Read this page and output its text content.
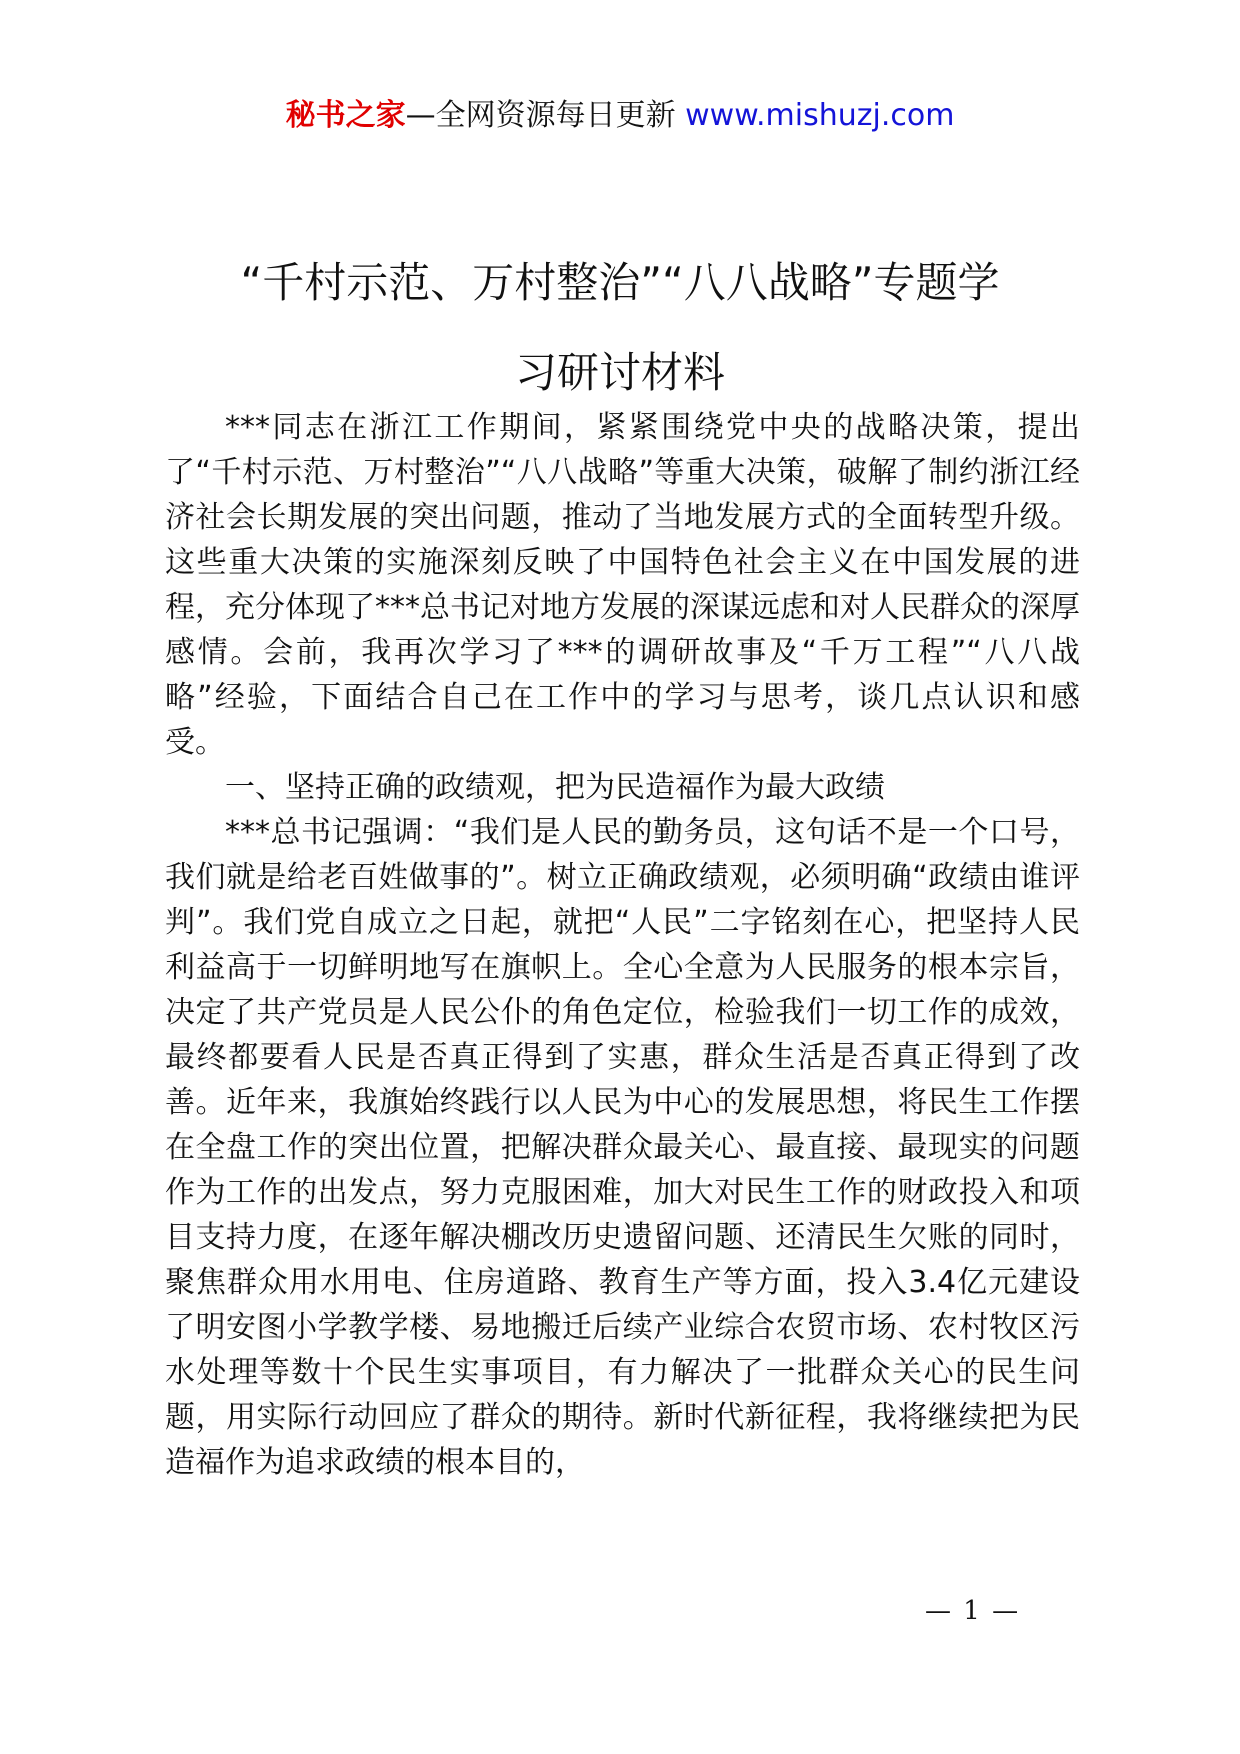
秘书之家—全网资源每日更新 www.mishuzj.com
“千村示范、万村整治”“八八战略”专题学
习研讨材料

***同志在浙江工作期间，紧紧围绕党中央的战略决策，提出了“千村示范、万村整治”“八八战略”等重大决策，破解了制约浙江经济社会长期发展的突出问题，推动了当地发展方式的全面转型升级。这些重大决策的实施深刻反映了中国特色社会主义在中国发展的进程，充分体现了***总书记对地方发展的深谋远虑和对人民群众的深厚感情。会前，我再次学习了***的调研故事及“千万工程”“八八战略”经验，下面结合自己在工作中的学习与思考，谈几点认识和感受。

一、坚持正确的政绩观，把为民造福作为最大政绩

***总书记强调：“我们是人民的勤务员，这句话不是一个口号，我们就是给老百姓做事的”。树立正确政绩观，必须明确“政绩由谁评判”。我们党自成立之日起，就把“人民”二字铭刻在心，把坚持人民利益高于一切鲜明地写在旗帜上。全心全意为人民服务的根本宗旨，决定了共产党员是人民公仆的角色定位，检验我们一切工作的成效，最终都要看人民是否真正得到了实惠，群众生活是否真正得到了改善。近年来，我旗始终践行以人民为中心的发展思想，将民生工作摆在全盘工作的突出位置，把解决群众最关心、最直接、最现实的问题作为工作的出发点，努力克服困难，加大对民生工作的财政投入和项目支持力度，在逐年解决棚改历史遗留问题、还清民生欠账的同时，聚焦群众用水用电、住房道路、教育生产等方面，投入3.4亿元建设了明安图小学教学楼、易地搬迁后续产业综合农贸市场、农村牧区污水处理等数十个民生实事项目，有力解决了一批群众关心的民生问题，用实际行动回应了群众的期待。新时代新征程，我将继续把为民造福作为追求政绩的根本目的，

— 1 —
